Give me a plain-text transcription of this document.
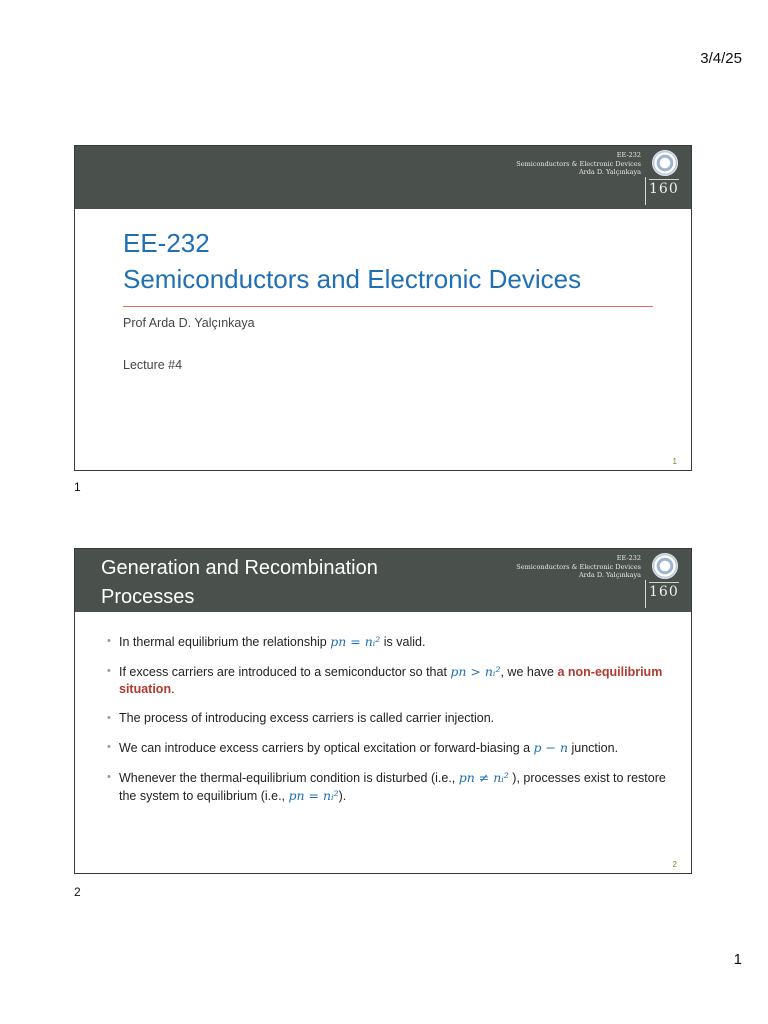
3/4/25
EE-232
Semiconductors & Electronic Devices
Arda D. Yalçınkaya
160
EE-232
Semiconductors and Electronic Devices
Prof Arda D. Yalçınkaya
Lecture #4
1
1
Generation and Recombination
Processes
EE-232
Semiconductors & Electronic Devices
Arda D. Yalçınkaya
160
• In thermal equilibrium the relationship pn = nᵢ² is valid.
• If excess carriers are introduced to a semiconductor so that pn > nᵢ², we have a non-equilibrium situation.
• The process of introducing excess carriers is called carrier injection.
• We can introduce excess carriers by optical excitation or forward-biasing a p − n junction.
• Whenever the thermal-equilibrium condition is disturbed (i.e., pn ≠ nᵢ² ), processes exist to restore the system to equilibrium (i.e., pn = nᵢ²).
2
2
1
